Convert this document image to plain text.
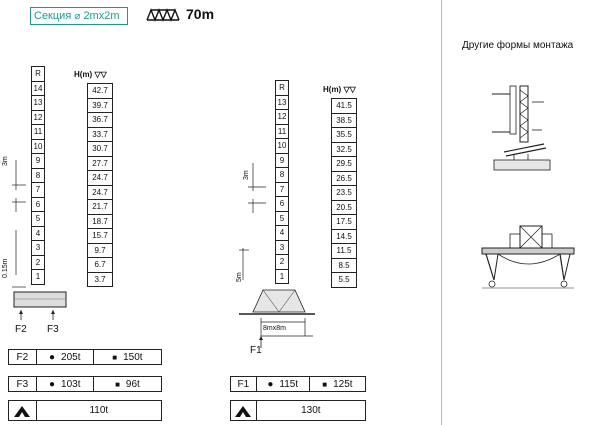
Секция ⌀ 2mx2m	70m
R
14
13
12
11
10
9
8
7
6
5
4
3
2
1
F2 F3
3m
0.15m
H(m) ▽▽
42.7
39.7
36.7
33.7
30.7
27.7
24.7
24.7
21.7
18.7
15.7
9.7
6.7
3.7
R
13
12
11
10
9
8
7
6
5
4
3
2
1
8mx8m
F1
3m
5m
H(m) ▽▽
41.5
38.5
35.5
32.5
29.5
26.5
23.5
20.5
17.5
14.5
11.5
8.5
5.5
F2	● 205t	■ 150t
F3	● 103t	■ 96t
110t
F1	● 115t	■ 125t
130t
Другие формы монтажа
